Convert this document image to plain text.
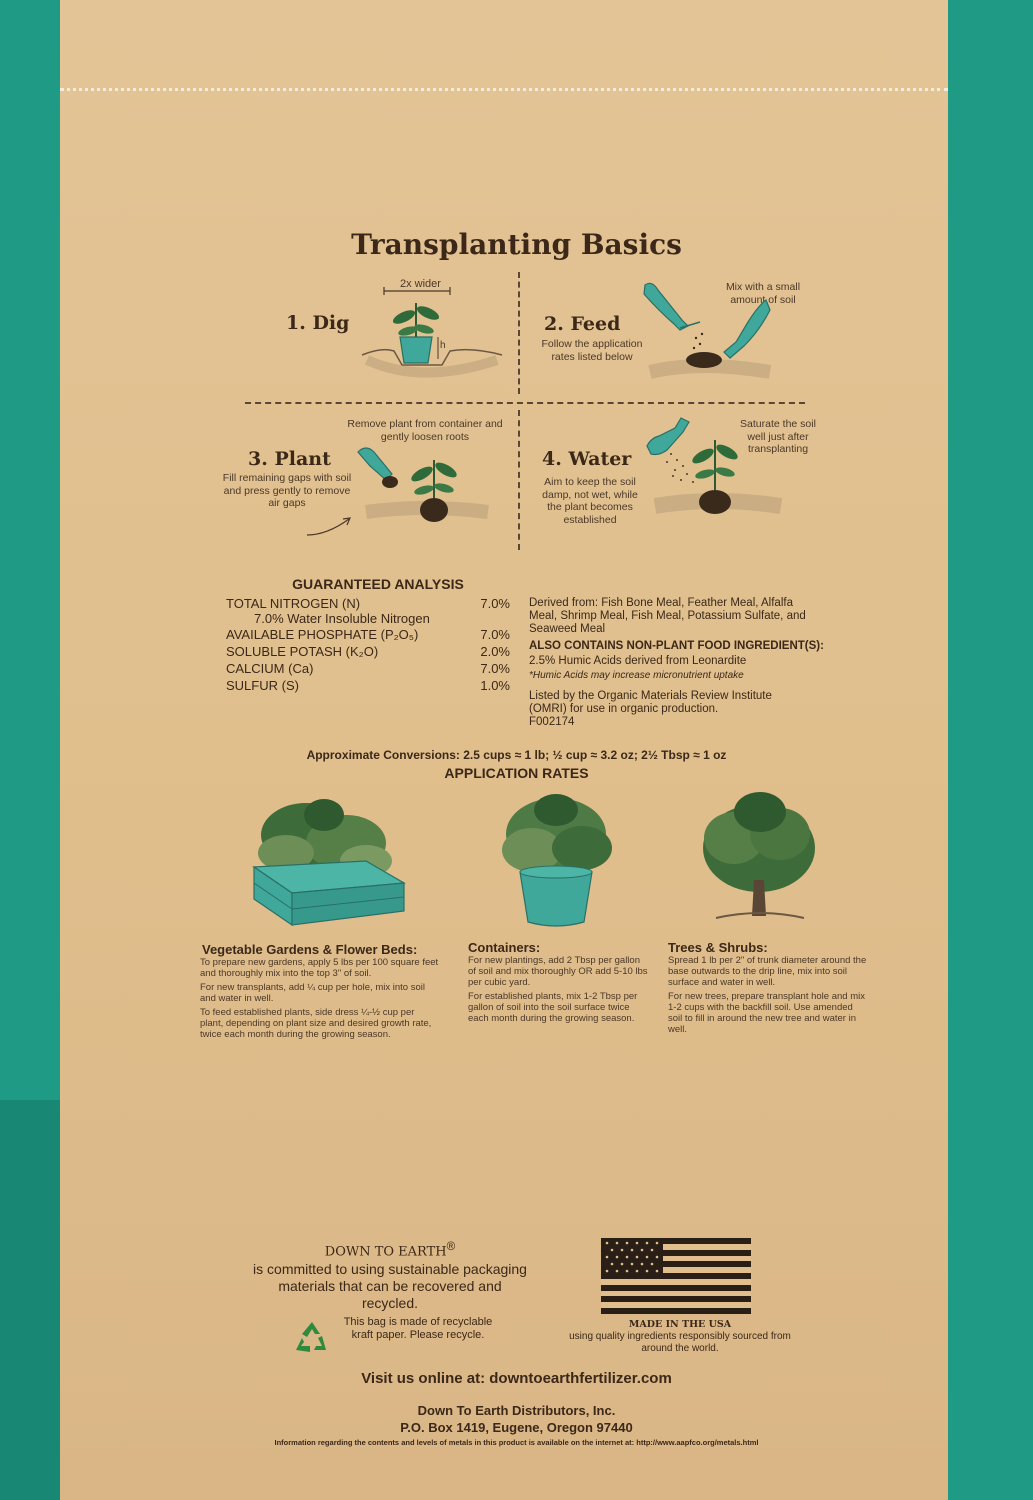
Transplanting Basics
1. Dig
2x wider
h
2. Feed
Mix with a small amount of soil
Follow the application rates listed below
3. Plant
Remove plant from container and gently loosen roots
Fill remaining gaps with soil and press gently to remove air gaps
4. Water
Saturate the soil well just after transplanting
Aim to keep the soil damp, not wet, while the plant becomes established
GUARANTEED ANALYSIS
TOTAL NITROGEN (N)	7.0%
7.0% Water Insoluble Nitrogen
AVAILABLE PHOSPHATE (P₂O₅)	7.0%
SOLUBLE POTASH (K₂O)	2.0%
CALCIUM (Ca)	7.0%
SULFUR (S)	1.0%
Derived from: Fish Bone Meal, Feather Meal, Alfalfa Meal, Shrimp Meal, Fish Meal, Potassium Sulfate, and Seaweed Meal
ALSO CONTAINS NON-PLANT FOOD INGREDIENT(S):
2.5% Humic Acids derived from Leonardite
*Humic Acids may increase micronutrient uptake
Listed by the Organic Materials Review Institute (OMRI) for use in organic production.
F002174
Approximate Conversions: 2.5 cups ≈ 1 lb; ½ cup ≈ 3.2 oz; 2½ Tbsp ≈ 1 oz
APPLICATION RATES
Vegetable Gardens & Flower Beds:

To prepare new gardens, apply 5 lbs per 100 square feet and thoroughly mix into the top 3" of soil.

For new transplants, add ¼ cup per hole, mix into soil and water in well.

To feed established plants, side dress ¼-½ cup per plant, depending on plant size and desired growth rate, twice each month during the growing season.

Containers:

For new plantings, add 2 Tbsp per gallon of soil and mix thoroughly OR add 5-10 lbs per cubic yard.

For established plants, mix 1-2 Tbsp per gallon of soil into the soil surface twice each month during the growing season.

Trees & Shrubs:

Spread 1 lb per 2" of trunk diameter around the base outwards to the drip line, mix into soil surface and water in well.

For new trees, prepare transplant hole and mix 1-2 cups with the backfill soil. Use amended soil to fill in around the new tree and water in well.

DOWN TO EARTH®
is committed to using sustainable packaging materials that can be recovered and recycled.
This bag is made of recyclable kraft paper. Please recycle.
MADE IN THE USA
using quality ingredients responsibly sourced from around the world.
Visit us online at: downtoearthfertilizer.com
Down To Earth Distributors, Inc.
P.O. Box 1419, Eugene, Oregon 97440
Information regarding the contents and levels of metals in this product is available on the internet at: http://www.aapfco.org/metals.html
